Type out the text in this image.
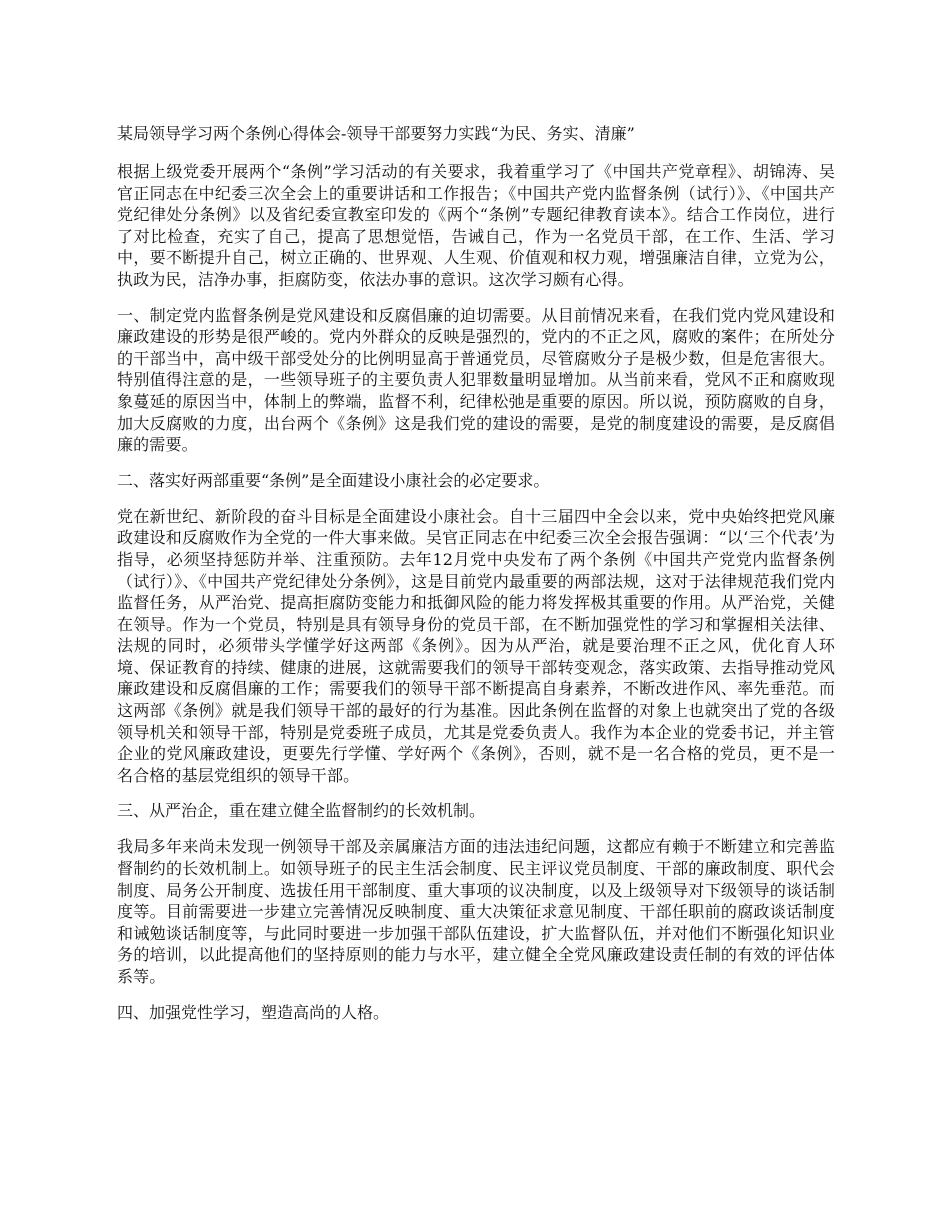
某局领导学习两个条例心得体会-领导干部要努力实践“为民、务实、清廉”

根据上级党委开展两个“条例”学习活动的有关要求，我着重学习了《中国共产党章程》、胡锦涛、吴官正同志在中纪委三次全会上的重要讲话和工作报告；《中国共产党内监督条例（试行）》、《中国共产党纪律处分条例》以及省纪委宣教室印发的《两个“条例”专题纪律教育读本》。结合工作岗位，进行了对比检查，充实了自己，提高了思想觉悟，告诫自己，作为一名党员干部，在工作、生活、学习中，要不断提升自己，树立正确的、世界观、人生观、价值观和权力观，增强廉洁自律，立党为公，执政为民，洁净办事，拒腐防变，依法办事的意识。这次学习颇有心得。

一、制定党内监督条例是党风建设和反腐倡廉的迫切需要。从目前情况来看，在我们党内党风建设和廉政建设的形势是很严峻的。党内外群众的反映是强烈的，党内的不正之风，腐败的案件；在所处分的干部当中，高中级干部受处分的比例明显高于普通党员，尽管腐败分子是极少数，但是危害很大。特别值得注意的是，一些领导班子的主要负责人犯罪数量明显增加。从当前来看，党风不正和腐败现象蔓延的原因当中，体制上的弊端，监督不利，纪律松弛是重要的原因。所以说，预防腐败的自身，加大反腐败的力度，出台两个《条例》这是我们党的建设的需要，是党的制度建设的需要，是反腐倡廉的需要。

二、落实好两部重要“条例”是全面建设小康社会的必定要求。

党在新世纪、新阶段的奋斗目标是全面建设小康社会。自十三届四中全会以来，党中央始终把党风廉政建设和反腐败作为全党的一件大事来做。吴官正同志在中纪委三次全会报告强调：“以‘三个代表’为指导，必须坚持惩防并举、注重预防。去年12月党中央发布了两个条例《中国共产党党内监督条例（试行）》、《中国共产党纪律处分条例》，这是目前党内最重要的两部法规，这对于法律规范我们党内监督任务，从严治党、提高拒腐防变能力和抵御风险的能力将发挥极其重要的作用。从严治党，关健在领导。作为一个党员，特别是具有领导身份的党员干部，在不断加强党性的学习和掌握相关法律、法规的同时，必须带头学懂学好这两部《条例》。因为从严治，就是要治理不正之风，优化育人环境、保证教育的持续、健康的进展，这就需要我们的领导干部转变观念，落实政策、去指导推动党风廉政建设和反腐倡廉的工作；需要我们的领导干部不断提高自身素养，不断改进作风、率先垂范。而这两部《条例》就是我们领导干部的最好的行为基准。因此条例在监督的对象上也就突出了党的各级领导机关和领导干部，特别是党委班子成员，尤其是党委负责人。我作为本企业的党委书记，并主管企业的党风廉政建设，更要先行学懂、学好两个《条例》，否则，就不是一名合格的党员，更不是一名合格的基层党组织的领导干部。

三、从严治企，重在建立健全监督制约的长效机制。

我局多年来尚未发现一例领导干部及亲属廉洁方面的违法违纪问题，这都应有赖于不断建立和完善监督制约的长效机制上。如领导班子的民主生活会制度、民主评议党员制度、干部的廉政制度、职代会制度、局务公开制度、选拔任用干部制度、重大事项的议决制度，以及上级领导对下级领导的谈话制度等。目前需要进一步建立完善情况反映制度、重大决策征求意见制度、干部任职前的腐政谈话制度和诫勉谈话制度等，与此同时要进一步加强干部队伍建设，扩大监督队伍，并对他们不断强化知识业务的培训，以此提高他们的坚持原则的能力与水平，建立健全全党风廉政建设责任制的有效的评估体系等。

四、加强党性学习，塑造高尚的人格。
